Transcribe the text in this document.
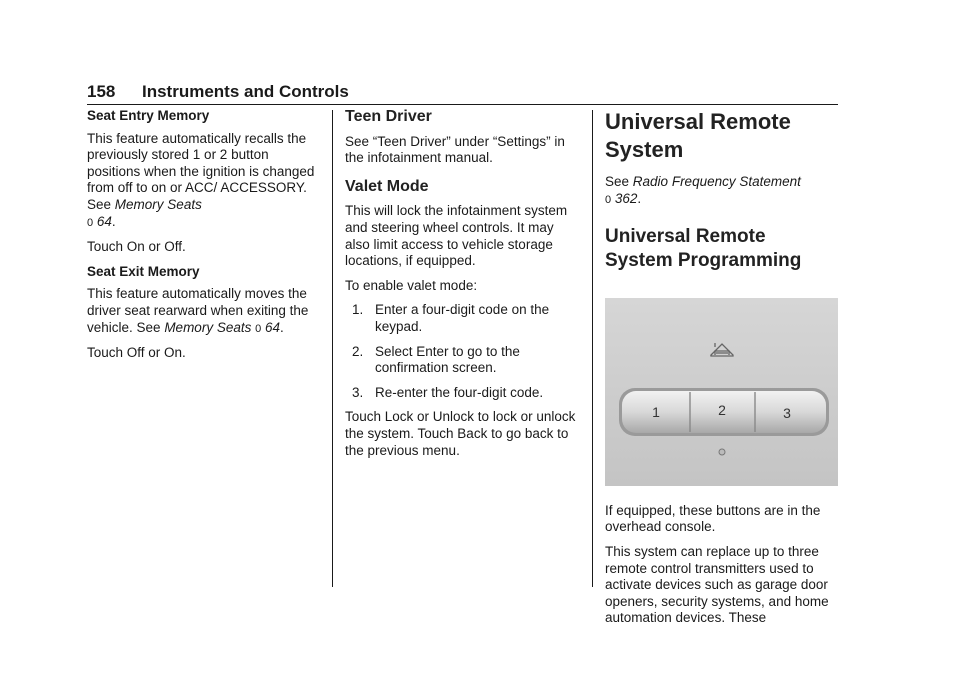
158 Instruments and Controls
Seat Entry Memory

This feature automatically recalls the previously stored 1 or 2 button positions when the ignition is changed from off to on or ACC/ ACCESSORY. See Memory Seats
0 64.

Touch On or Off.

Seat Exit Memory

This feature automatically moves the driver seat rearward when exiting the vehicle. See Memory Seats 0 64.

Touch Off or On.

Teen Driver

See “Teen Driver” under “Settings” in the infotainment manual.

Valet Mode

This will lock the infotainment system and steering wheel controls. It may also limit access to vehicle storage locations, if equipped.

To enable valet mode:

1. Enter a four-digit code on the keypad.
2. Select Enter to go to the confirmation screen.
3. Re-enter the four-digit code.

Touch Lock or Unlock to lock or unlock the system. Touch Back to go back to the previous menu.

Universal Remote System

See Radio Frequency Statement
0 362.

Universal Remote System Programming
1	2	3

If equipped, these buttons are in the overhead console.

This system can replace up to three remote control transmitters used to activate devices such as garage door openers, security systems, and home automation devices. These
